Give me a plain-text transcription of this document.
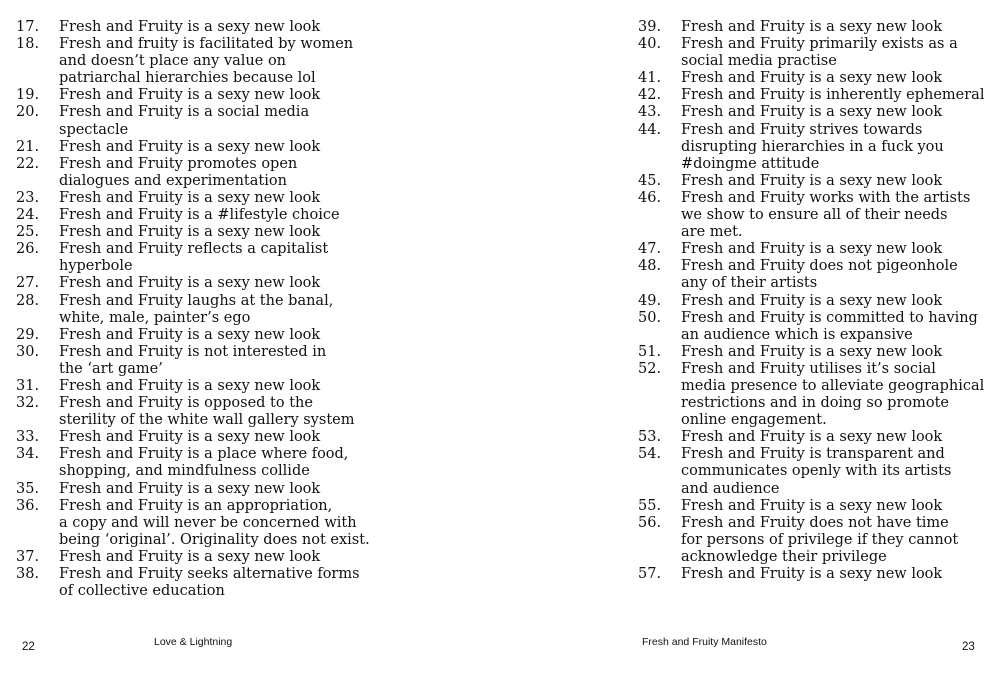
17.	Fresh and Fruity is a sexy new look
18.	Fresh and fruity is facilitated by women
and doesn’t place any value on
patriarchal hierarchies because lol
19.	Fresh and Fruity is a sexy new look
20.	Fresh and Fruity is a social media
spectacle
21.	Fresh and Fruity is a sexy new look
22.	Fresh and Fruity promotes open
dialogues and experimentation
23.	Fresh and Fruity is a sexy new look
24.	Fresh and Fruity is a #lifestyle choice
25.	Fresh and Fruity is a sexy new look
26.	Fresh and Fruity reflects a capitalist
hyperbole
27.	Fresh and Fruity is a sexy new look
28.	Fresh and Fruity laughs at the banal,
white, male, painter’s ego
29.	Fresh and Fruity is a sexy new look
30.	Fresh and Fruity is not interested in
the ‘art game’
31.	Fresh and Fruity is a sexy new look
32.	Fresh and Fruity is opposed to the
sterility of the white wall gallery system
33.	Fresh and Fruity is a sexy new look
34.	Fresh and Fruity is a place where food,
shopping, and mindfulness collide
35.	Fresh and Fruity is a sexy new look
36.	Fresh and Fruity is an appropriation,
a copy and will never be concerned with
being ‘original’. Originality does not exist.
37.	Fresh and Fruity is a sexy new look
38.	Fresh and Fruity seeks alternative forms
of collective education
22	Love & Lightning
39.	Fresh and Fruity is a sexy new look
40.	Fresh and Fruity primarily exists as a
social media practise
41.	Fresh and Fruity is a sexy new look
42.	Fresh and Fruity is inherently ephemeral
43.	Fresh and Fruity is a sexy new look
44.	Fresh and Fruity strives towards
disrupting hierarchies in a fuck you
#doingme attitude
45.	Fresh and Fruity is a sexy new look
46.	Fresh and Fruity works with the artists
we show to ensure all of their needs
are met.
47.	Fresh and Fruity is a sexy new look
48.	Fresh and Fruity does not pigeonhole
any of their artists
49.	Fresh and Fruity is a sexy new look
50.	Fresh and Fruity is committed to having
an audience which is expansive
51.	Fresh and Fruity is a sexy new look
52.	Fresh and Fruity utilises it’s social
media presence to alleviate geographical
restrictions and in doing so promote
online engagement.
53.	Fresh and Fruity is a sexy new look
54.	Fresh and Fruity is transparent and
communicates openly with its artists
and audience
55.	Fresh and Fruity is a sexy new look
56.	Fresh and Fruity does not have time
for persons of privilege if they cannot
acknowledge their privilege
57.	Fresh and Fruity is a sexy new look
Fresh and Fruity Manifesto	23
